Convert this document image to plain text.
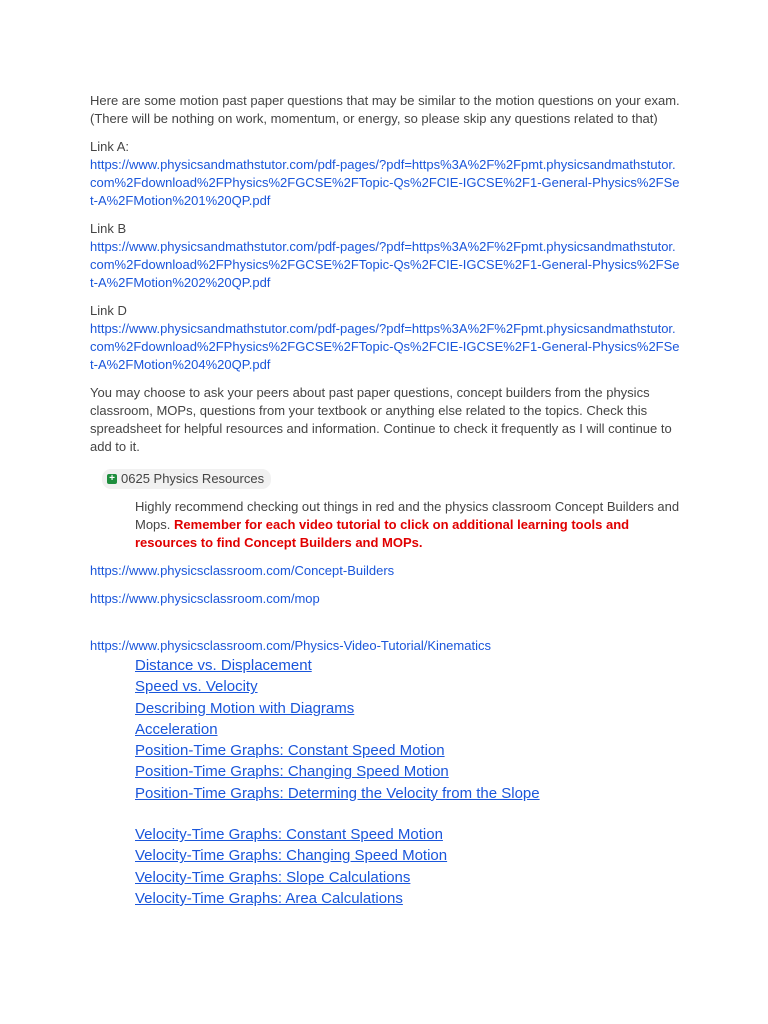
Here are some motion past paper questions that may be similar to the motion questions on your exam. (There will be nothing on work, momentum, or energy, so please skip any questions related to that)

Link A:

https://www.physicsandmathstutor.com/pdf-pages/?pdf=https%3A%2F%2Fpmt.physicsandmathstutor.com%2Fdownload%2FPhysics%2FGCSE%2FTopic-Qs%2FCIE-IGCSE%2F1-General-Physics%2FSet-A%2FMotion%201%20QP.pdf

Link B

https://www.physicsandmathstutor.com/pdf-pages/?pdf=https%3A%2F%2Fpmt.physicsandmathstutor.com%2Fdownload%2FPhysics%2FGCSE%2FTopic-Qs%2FCIE-IGCSE%2F1-General-Physics%2FSet-A%2FMotion%202%20QP.pdf

Link D

https://www.physicsandmathstutor.com/pdf-pages/?pdf=https%3A%2F%2Fpmt.physicsandmathstutor.com%2Fdownload%2FPhysics%2FGCSE%2FTopic-Qs%2FCIE-IGCSE%2F1-General-Physics%2FSet-A%2FMotion%204%20QP.pdf

You may choose to ask your peers about past paper questions, concept builders from the physics classroom, MOPs, questions from your textbook or anything else related to the topics. Check this spreadsheet for helpful resources and information. Continue to check it frequently as I will continue to add to it.

+ 0625 Physics Resources

Highly recommend checking out things in red and the physics classroom Concept Builders and Mops. Remember for each video tutorial to click on additional learning tools and resources to find Concept Builders and MOPs.

https://www.physicsclassroom.com/Concept-Builders
https://www.physicsclassroom.com/mop
https://www.physicsclassroom.com/Physics-Video-Tutorial/Kinematics
Distance vs. Displacement
Speed vs. Velocity
Describing Motion with Diagrams
Acceleration
Position-Time Graphs: Constant Speed Motion
Position-Time Graphs: Changing Speed Motion
Position-Time Graphs: Determing the Velocity from the Slope
Velocity-Time Graphs: Constant Speed Motion
Velocity-Time Graphs: Changing Speed Motion
Velocity-Time Graphs: Slope Calculations
Velocity-Time Graphs: Area Calculations
